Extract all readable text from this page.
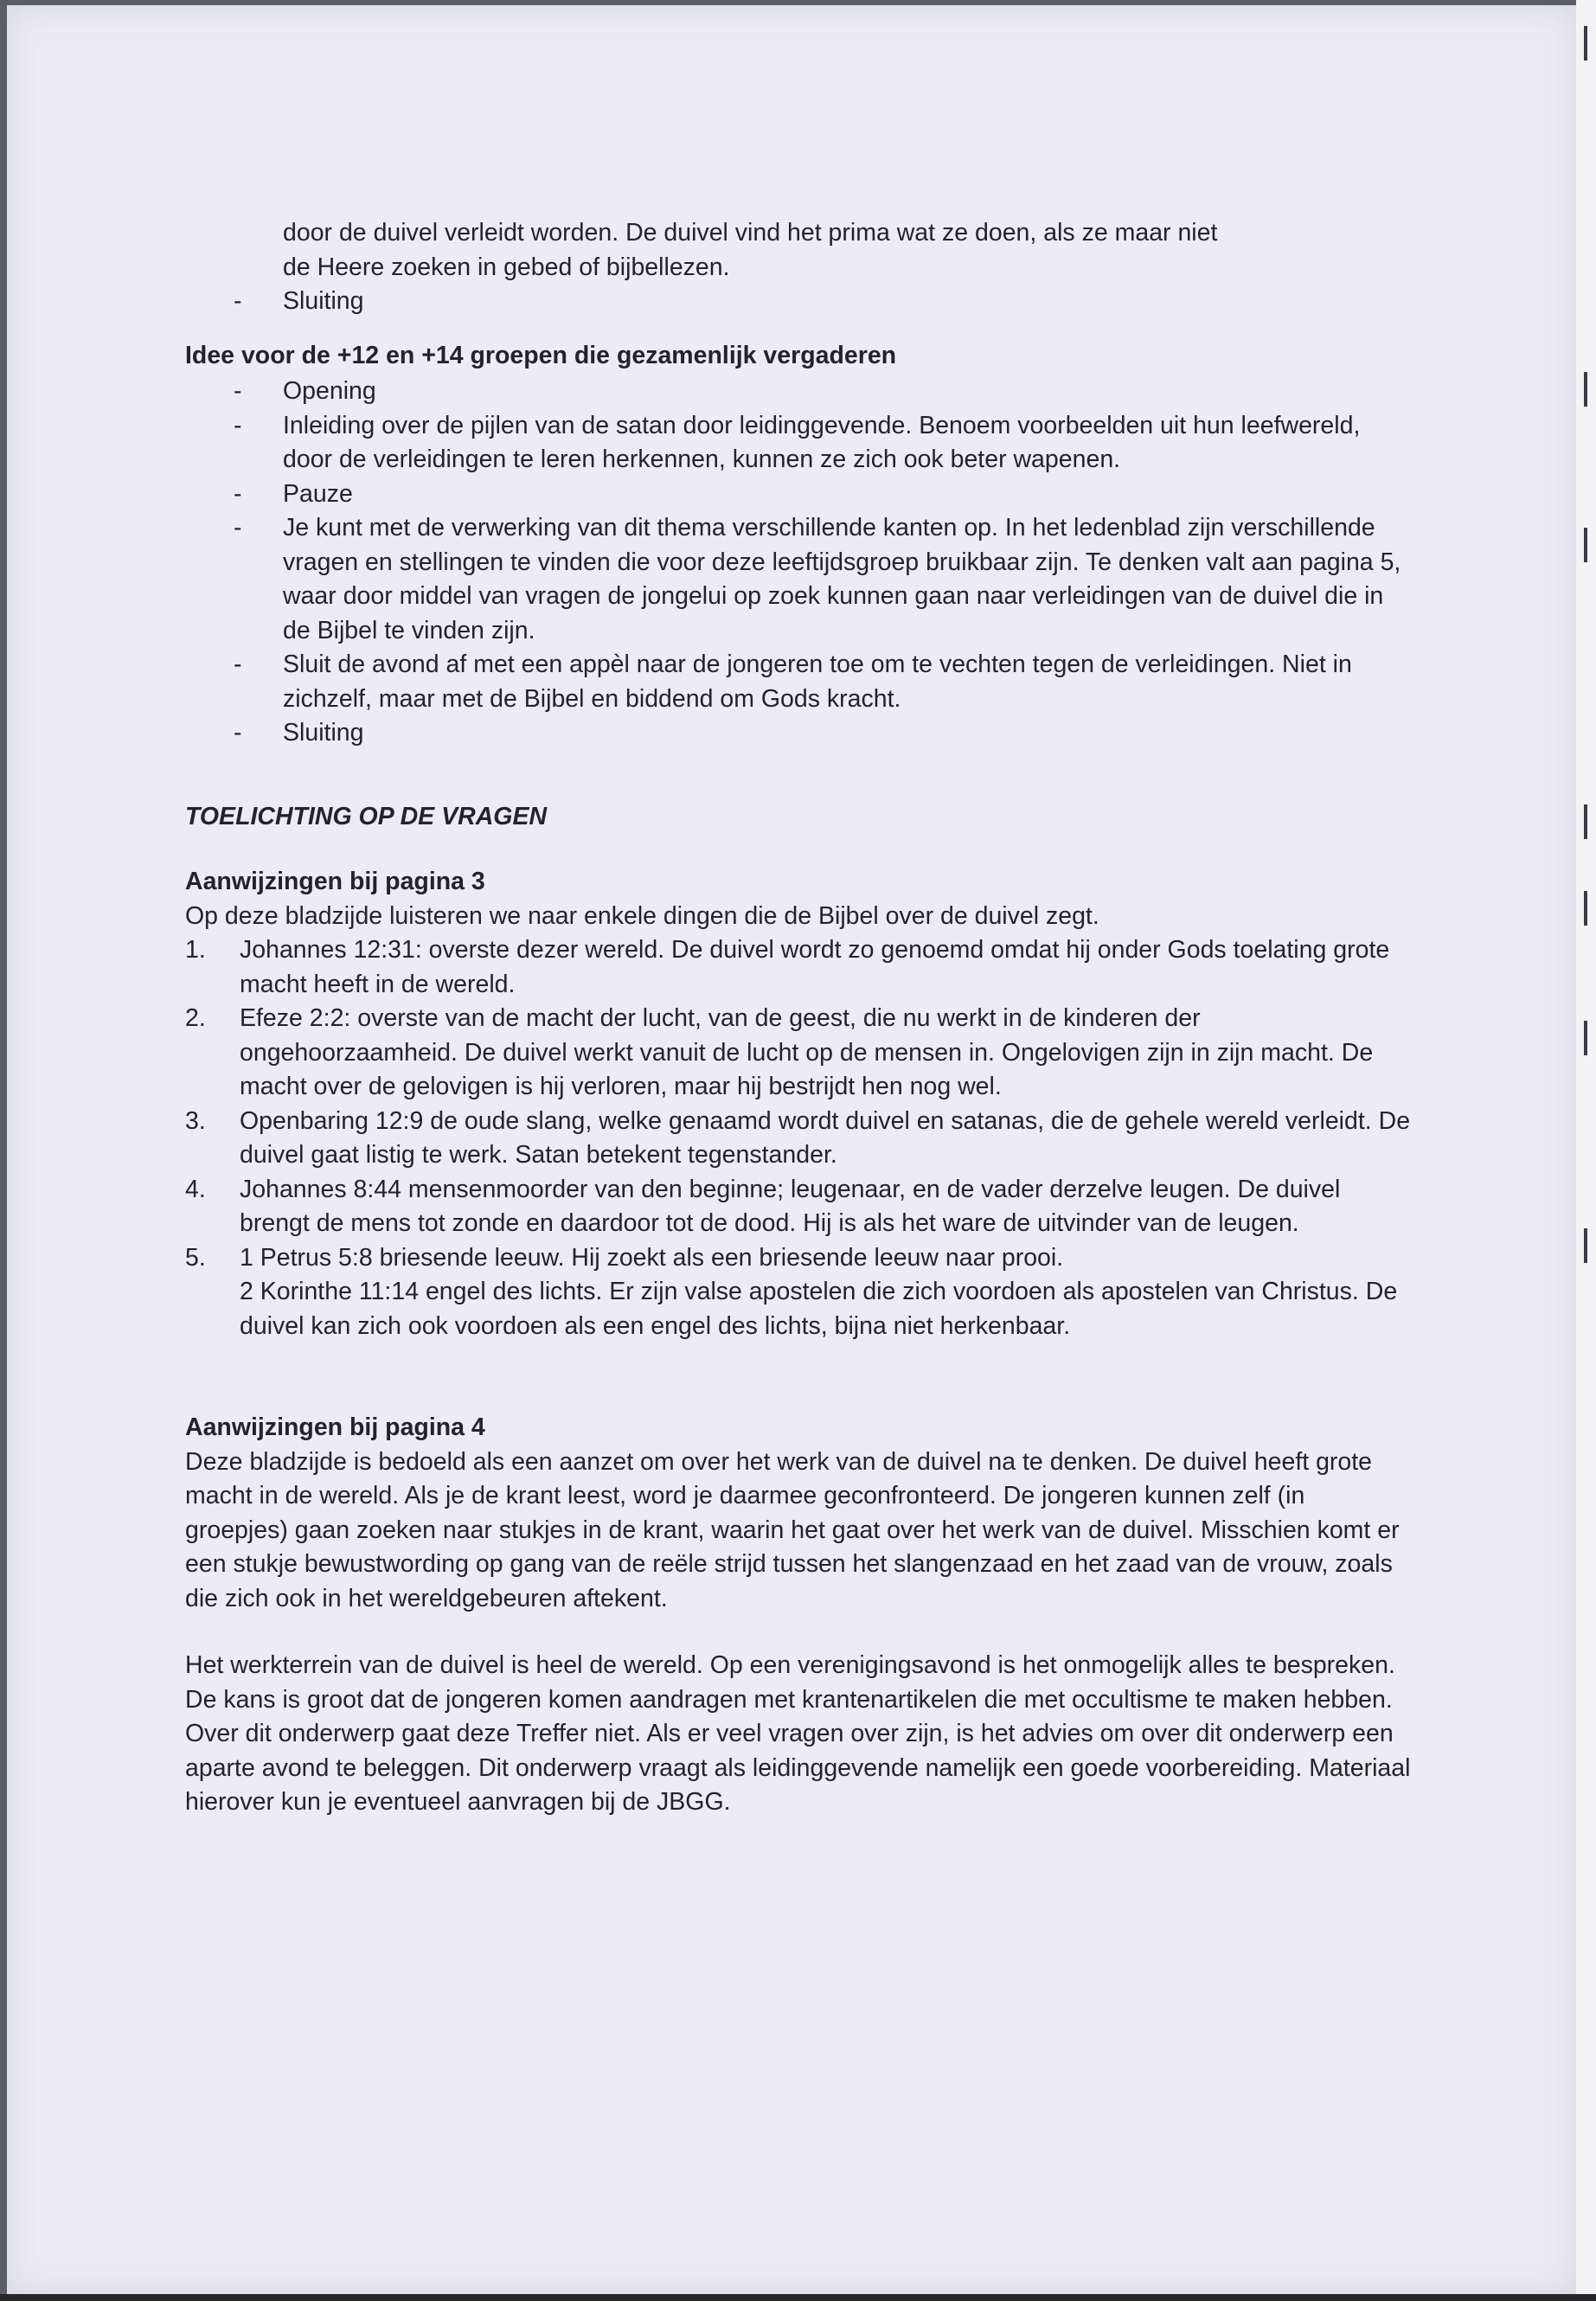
door de duivel verleidt worden. De duivel vind het prima wat ze doen, als ze maar niet

de Heere zoeken in gebed of bijbellezen.

-	Sluiting

Idee voor de +12 en +14 groepen die gezamenlijk vergaderen

-	Opening
-	Inleiding over de pijlen van de satan door leidinggevende. Benoem voorbeelden uit hun leefwereld, door de verleidingen te leren herkennen, kunnen ze zich ook beter wapenen.
-	Pauze
-	Je kunt met de verwerking van dit thema verschillende kanten op. In het ledenblad zijn verschillende vragen en stellingen te vinden die voor deze leeftijdsgroep bruikbaar zijn. Te denken valt aan pagina 5, waar door middel van vragen de jongelui op zoek kunnen gaan naar verleidingen van de duivel die in de Bijbel te vinden zijn.
-	Sluit de avond af met een appèl naar de jongeren toe om te vechten tegen de verleidingen. Niet in zichzelf, maar met de Bijbel en biddend om Gods kracht.
-	Sluiting

TOELICHTING OP DE VRAGEN

Aanwijzingen bij pagina 3

Op deze bladzijde luisteren we naar enkele dingen die de Bijbel over de duivel zegt.

1.	Johannes 12:31: overste dezer wereld. De duivel wordt zo genoemd omdat hij onder Gods toelating grote macht heeft in de wereld.
2.	Efeze 2:2: overste van de macht der lucht, van de geest, die nu werkt in de kinderen der ongehoorzaamheid. De duivel werkt vanuit de lucht op de mensen in. Ongelovigen zijn in zijn macht. De macht over de gelovigen is hij verloren, maar hij bestrijdt hen nog wel.
3.	Openbaring 12:9 de oude slang, welke genaamd wordt duivel en satanas, die de gehele wereld verleidt. De duivel gaat listig te werk. Satan betekent tegenstander.
4.	Johannes 8:44 mensenmoorder van den beginne; leugenaar, en de vader derzelve leugen. De duivel brengt de mens tot zonde en daardoor tot de dood. Hij is als het ware de uitvinder van de leugen.
5.	1 Petrus 5:8 briesende leeuw. Hij zoekt als een briesende leeuw naar prooi.
2 Korinthe 11:14 engel des lichts. Er zijn valse apostelen die zich voordoen als apostelen van Christus. De duivel kan zich ook voordoen als een engel des lichts, bijna niet herkenbaar.

Aanwijzingen bij pagina 4

Deze bladzijde is bedoeld als een aanzet om over het werk van de duivel na te denken. De duivel heeft grote macht in de wereld. Als je de krant leest, word je daarmee geconfronteerd. De jongeren kunnen zelf (in groepjes) gaan zoeken naar stukjes in de krant, waarin het gaat over het werk van de duivel. Misschien komt er een stukje bewustwording op gang van de reële strijd tussen het slangenzaad en het zaad van de vrouw, zoals die zich ook in het wereldgebeuren aftekent.

Het werkterrein van de duivel is heel de wereld. Op een verenigingsavond is het onmogelijk alles te bespreken. De kans is groot dat de jongeren komen aandragen met krantenartikelen die met occultisme te maken hebben. Over dit onderwerp gaat deze Treffer niet. Als er veel vragen over zijn, is het advies om over dit onderwerp een aparte avond te beleggen. Dit onderwerp vraagt als leidinggevende namelijk een goede voorbereiding. Materiaal hierover kun je eventueel aanvragen bij de JBGG.
